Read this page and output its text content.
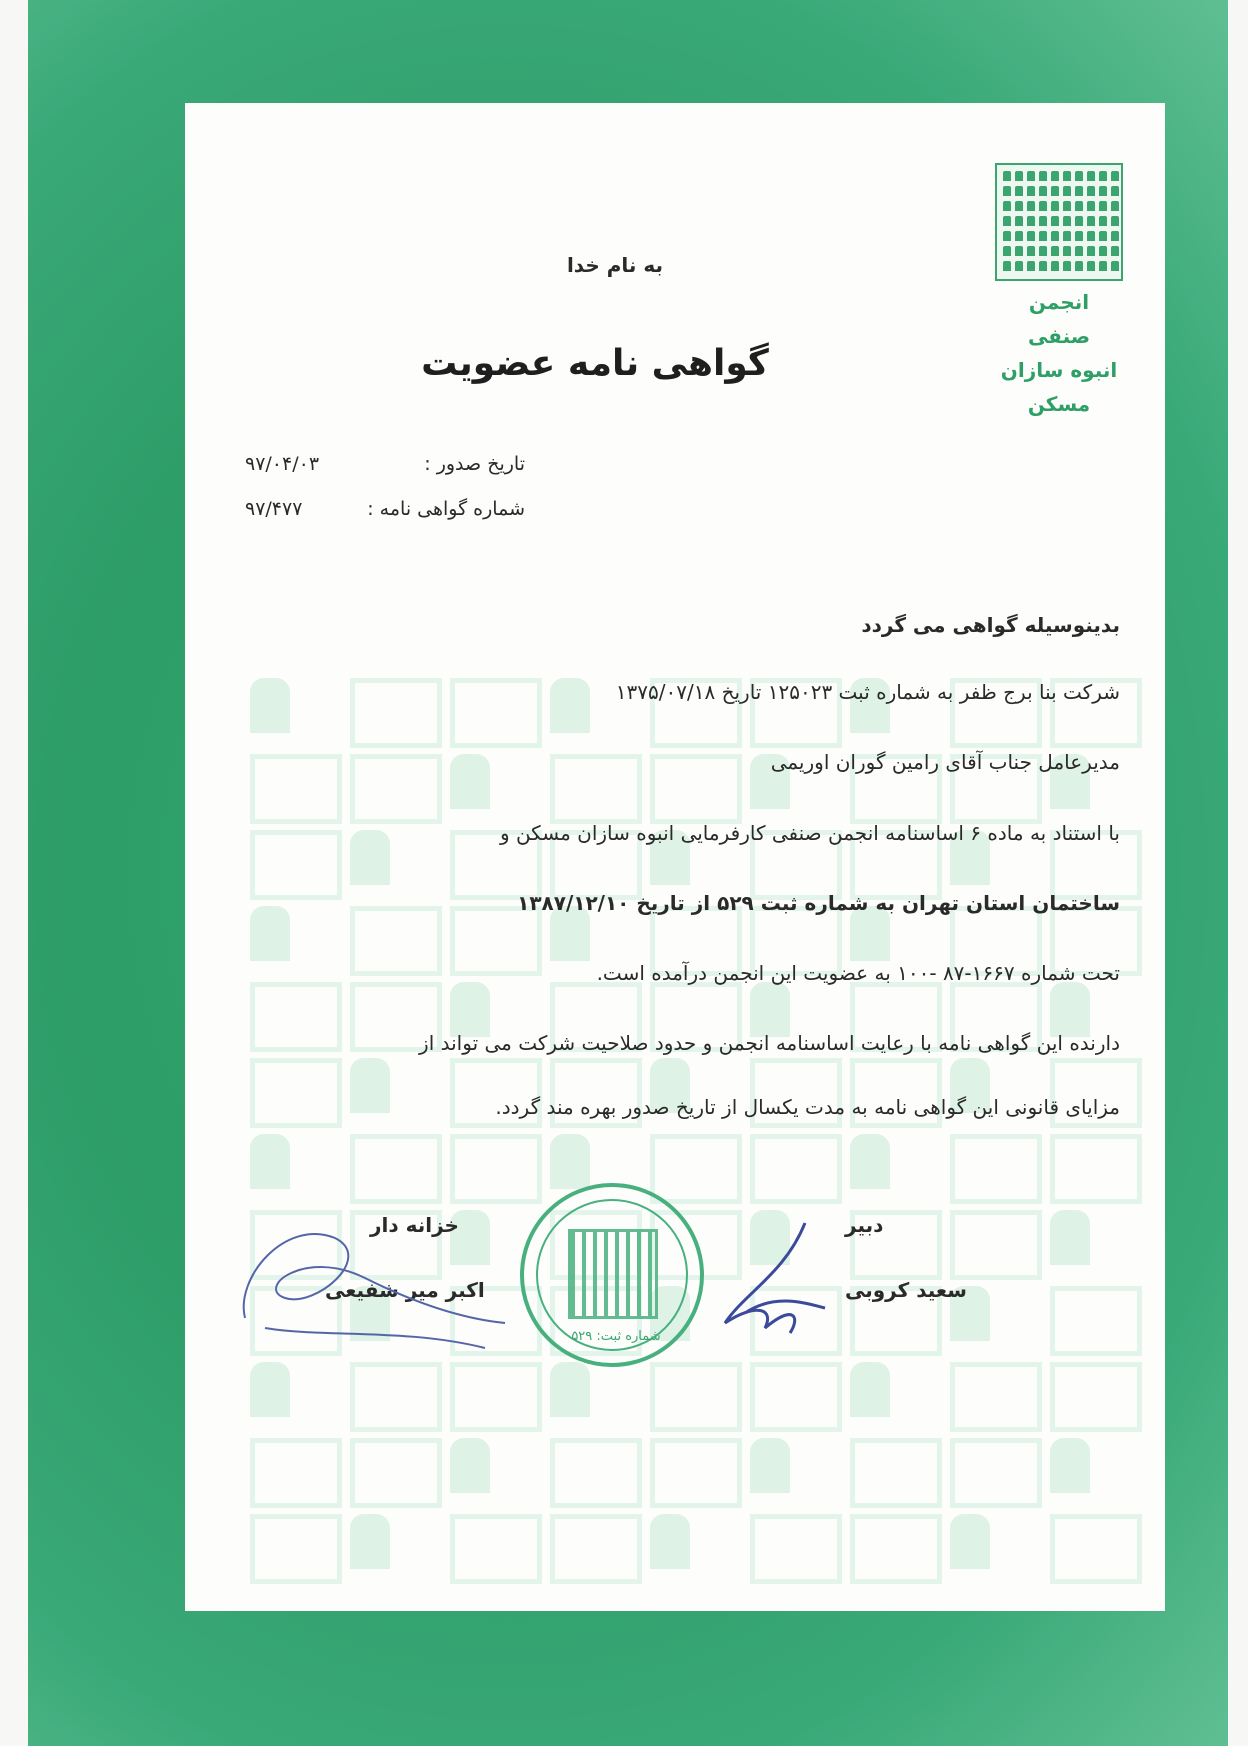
انجمن صنفی
انبوه سازان مسکن
به نام خدا
گواهی نامه عضویت
تاریخ صدور :
۹۷/۰۴/۰۳
شماره گواهی نامه :
۹۷/۴۷۷
بدینوسیله گواهی می گردد
شرکت بنا برج ظفر به شماره ثبت ۱۲۵۰۲۳ تاریخ ۱۳۷۵/۰۷/۱۸
مدیرعامل جناب آقای رامین گوران اوریمی
با استناد به ماده ۶ اساسنامه انجمن صنفی کارفرمایی انبوه سازان مسکن و
ساختمان استان تهران به شماره ثبت ۵۲۹ از تاریخ ۱۳۸۷/۱۲/۱۰
تحت شماره ۱۶۶۷-۸۷ -۱۰۰ به عضویت این انجمن درآمده است.
دارنده این گواهی نامه با رعایت اساسنامه انجمن و حدود صلاحیت شرکت می تواند از
مزایای قانونی این گواهی نامه به مدت یکسال از تاریخ صدور بهره مند گردد.
خزانه دار
اکبر میر شفیعی
دبیر
سعید کروبی
شماره ثبت: ۵۲۹
